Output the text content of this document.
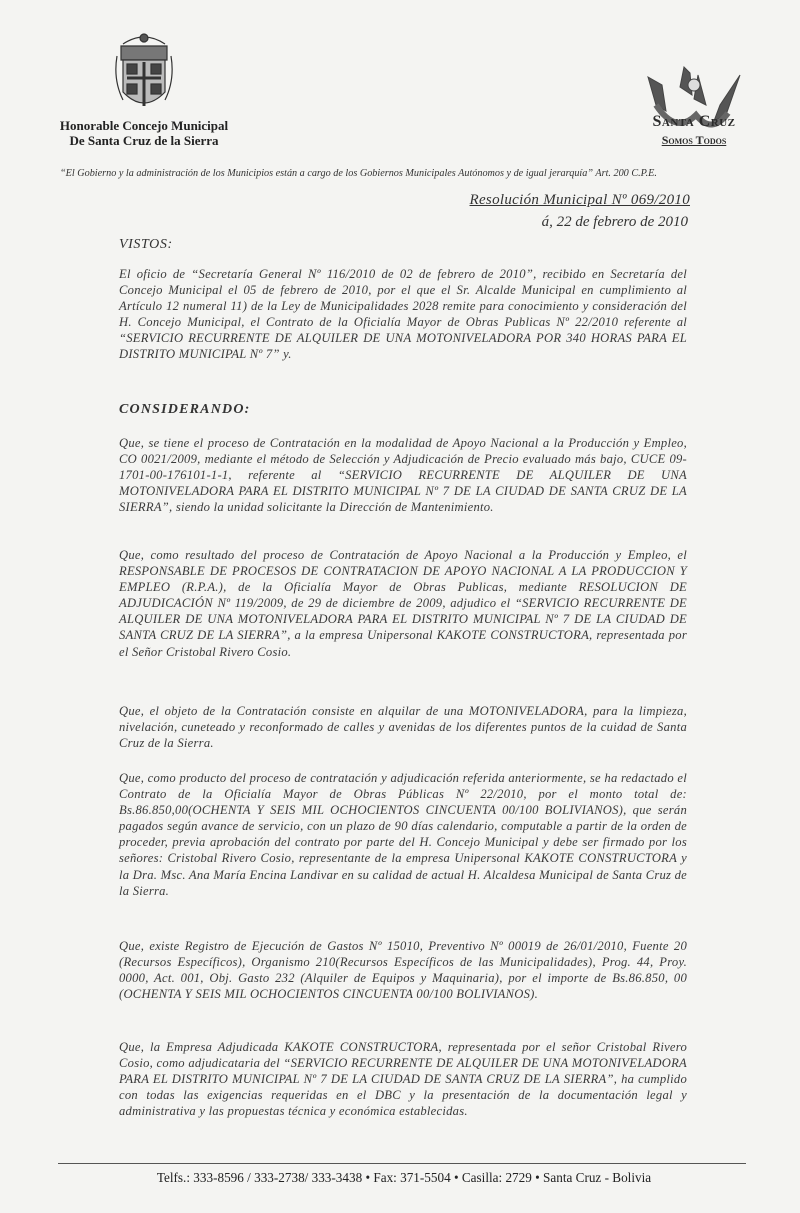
Honorable Concejo Municipal
De Santa Cruz de la Sierra
Santa Cruz
Somos Todos
“El Gobierno y la administración de los Municipios están a cargo de los Gobiernos Municipales Autónomos y de igual jerarquía” Art. 200 C.P.E.
Resolución Municipal Nº 069/2010
á, 22 de febrero de 2010
VISTOS:
El oficio de “Secretaría General Nº 116/2010 de 02 de febrero de 2010”, recibido en Secretaría del Concejo Municipal el 05 de febrero de 2010, por el que el Sr. Alcalde Municipal en cumplimiento al Artículo 12 numeral 11) de la Ley de Municipalidades 2028 remite para conocimiento y consideración del H. Concejo Municipal, el Contrato de la Oficialía Mayor de Obras Publicas Nº 22/2010 referente al “SERVICIO RECURRENTE DE ALQUILER DE UNA MOTONIVELADORA POR 340 HORAS PARA EL DISTRITO MUNICIPAL Nº 7” y.
CONSIDERANDO:
Que, se tiene el proceso de Contratación en la modalidad de Apoyo Nacional a la Producción y Empleo, CO 0021/2009, mediante el método de Selección y Adjudicación de Precio evaluado más bajo, CUCE 09-1701-00-176101-1-1, referente al “SERVICIO RECURRENTE DE ALQUILER DE UNA MOTONIVELADORA PARA EL DISTRITO MUNICIPAL Nº 7 DE LA CIUDAD DE SANTA CRUZ DE LA SIERRA”, siendo la unidad solicitante la Dirección de Mantenimiento.
Que, como resultado del proceso de Contratación de Apoyo Nacional a la Producción y Empleo, el RESPONSABLE DE PROCESOS DE CONTRATACION DE APOYO NACIONAL A LA PRODUCCION Y EMPLEO (R.P.A.), de la Oficialía Mayor de Obras Publicas, mediante RESOLUCION DE ADJUDICACIÓN Nº 119/2009, de 29 de diciembre de 2009, adjudico el “SERVICIO RECURRENTE DE ALQUILER DE UNA MOTONIVELADORA PARA EL DISTRITO MUNICIPAL Nº 7 DE LA CIUDAD DE SANTA CRUZ DE LA SIERRA”, a la empresa Unipersonal KAKOTE CONSTRUCTORA, representada por el Señor Cristobal Rivero Cosio.
Que, el objeto de la Contratación consiste en alquilar de una MOTONIVELADORA, para la limpieza, nivelación, cuneteado y reconformado de calles y avenidas de los diferentes puntos de la cuidad de Santa Cruz de la Sierra.
Que, como producto del proceso de contratación y adjudicación referida anteriormente, se ha redactado el Contrato de la Oficialía Mayor de Obras Públicas Nº 22/2010, por el monto total de: Bs.86.850,00(OCHENTA Y SEIS MIL OCHOCIENTOS CINCUENTA 00/100 BOLIVIANOS), que serán pagados según avance de servicio, con un plazo de 90 días calendario, computable a partir de la orden de proceder, previa aprobación del contrato por parte del H. Concejo Municipal y debe ser firmado por los señores: Cristobal Rivero Cosio, representante de la empresa Unipersonal KAKOTE CONSTRUCTORA y la Dra. Msc. Ana María Encina Landivar en su calidad de actual H. Alcaldesa Municipal de Santa Cruz de la Sierra.
Que, existe Registro de Ejecución de Gastos Nº 15010, Preventivo Nº 00019 de 26/01/2010, Fuente 20 (Recursos Específicos), Organismo 210(Recursos Específicos de las Municipalidades), Prog. 44, Proy. 0000, Act. 001, Obj. Gasto 232 (Alquiler de Equipos y Maquinaria), por el importe de Bs.86.850, 00 (OCHENTA Y SEIS MIL OCHOCIENTOS CINCUENTA 00/100 BOLIVIANOS).
Que, la Empresa Adjudicada KAKOTE CONSTRUCTORA, representada por el señor Cristobal Rivero Cosio, como adjudicataria del “SERVICIO RECURRENTE DE ALQUILER DE UNA MOTONIVELADORA PARA EL DISTRITO MUNICIPAL Nº 7 DE LA CIUDAD DE SANTA CRUZ DE LA SIERRA”, ha cumplido con todas las exigencias requeridas en el DBC y la presentación de la documentación legal y administrativa y las propuestas técnica y económica establecidas.
Telfs.: 333-8596 / 333-2738/ 333-3438 • Fax: 371-5504 • Casilla: 2729 • Santa Cruz - Bolivia
